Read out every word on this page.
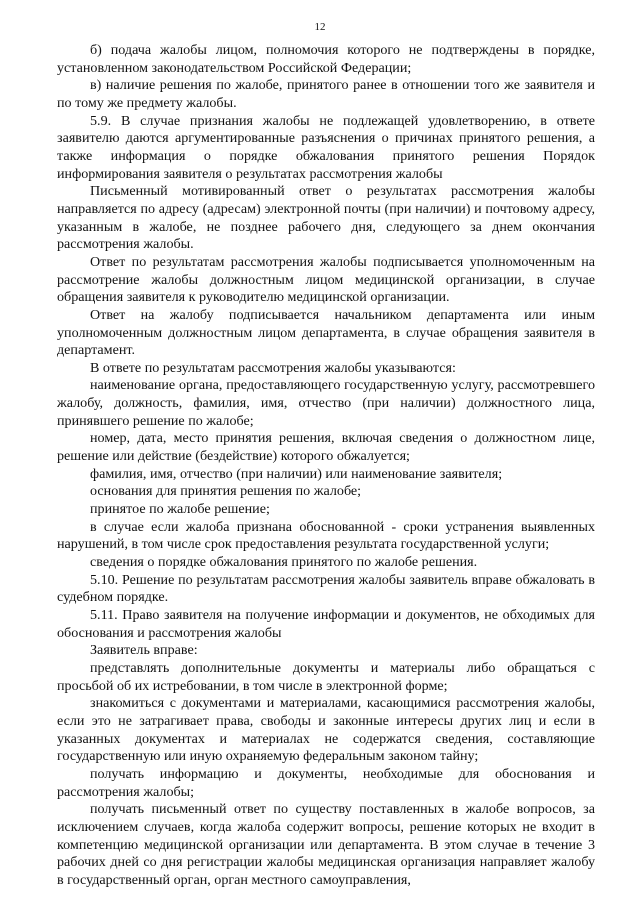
12

б) подача жалобы лицом, полномочия которого не подтверждены в порядке, установленном законодательством Российской Федерации;

в) наличие решения по жалобе, принятого ранее в отношении того же заявителя и по тому же предмету жалобы.

5.9. В случае признания жалобы не подлежащей удовлетворению, в ответе заявителю даются аргументированные разъяснения о причинах принятого решения, а также информация о порядке обжалования принятого решения Порядок информирования заявителя о результатах рассмотрения жалобы

Письменный мотивированный ответ о результатах рассмотрения жалобы направляется по адресу (адресам) электронной почты (при наличии) и почтовому адресу, указанным в жалобе, не позднее рабочего дня, следующего за днем окончания рассмотрения жалобы.

Ответ по результатам рассмотрения жалобы подписывается уполномоченным на рассмотрение жалобы должностным лицом медицинской организации, в случае обращения заявителя к руководителю медицинской организации.

Ответ на жалобу подписывается начальником департамента или иным уполномоченным должностным лицом департамента, в случае обращения заявителя в департамент.

В ответе по результатам рассмотрения жалобы указываются:

наименование органа, предоставляющего государственную услугу, рассмотревшего жалобу, должность, фамилия, имя, отчество (при наличии) должностного лица, принявшего решение по жалобе;

номер, дата, место принятия решения, включая сведения о должностном лице, решение или действие (бездействие) которого обжалуется;

фамилия, имя, отчество (при наличии) или наименование заявителя;

основания для принятия решения по жалобе;

принятое по жалобе решение;

в случае если жалоба признана обоснованной - сроки устранения выявленных нарушений, в том числе срок предоставления результата государственной услуги;

сведения о порядке обжалования принятого по жалобе решения.

5.10. Решение по результатам рассмотрения жалобы заявитель вправе обжаловать в судебном порядке.

5.11. Право заявителя на получение информации и документов, не обходимых для обоснования и рассмотрения жалобы

Заявитель вправе:

представлять дополнительные документы и материалы либо обращаться с просьбой об их истребовании, в том числе в электронной форме;

знакомиться с документами и материалами, касающимися рассмотрения жалобы, если это не затрагивает права, свободы и законные интересы других лиц и если в указанных документах и материалах не содержатся сведения, составляющие государственную или иную охраняемую федеральным законом тайну;

получать информацию и документы, необходимые для обоснования и рассмотрения жалобы;

получать письменный ответ по существу поставленных в жалобе вопросов, за исключением случаев, когда жалоба содержит вопросы, решение которых не входит в компетенцию медицинской организации или департамента. В этом случае в течение 3 рабочих дней со дня регистрации жалобы медицинская организация направляет жалобу в государственный орган, орган местного самоуправления,
